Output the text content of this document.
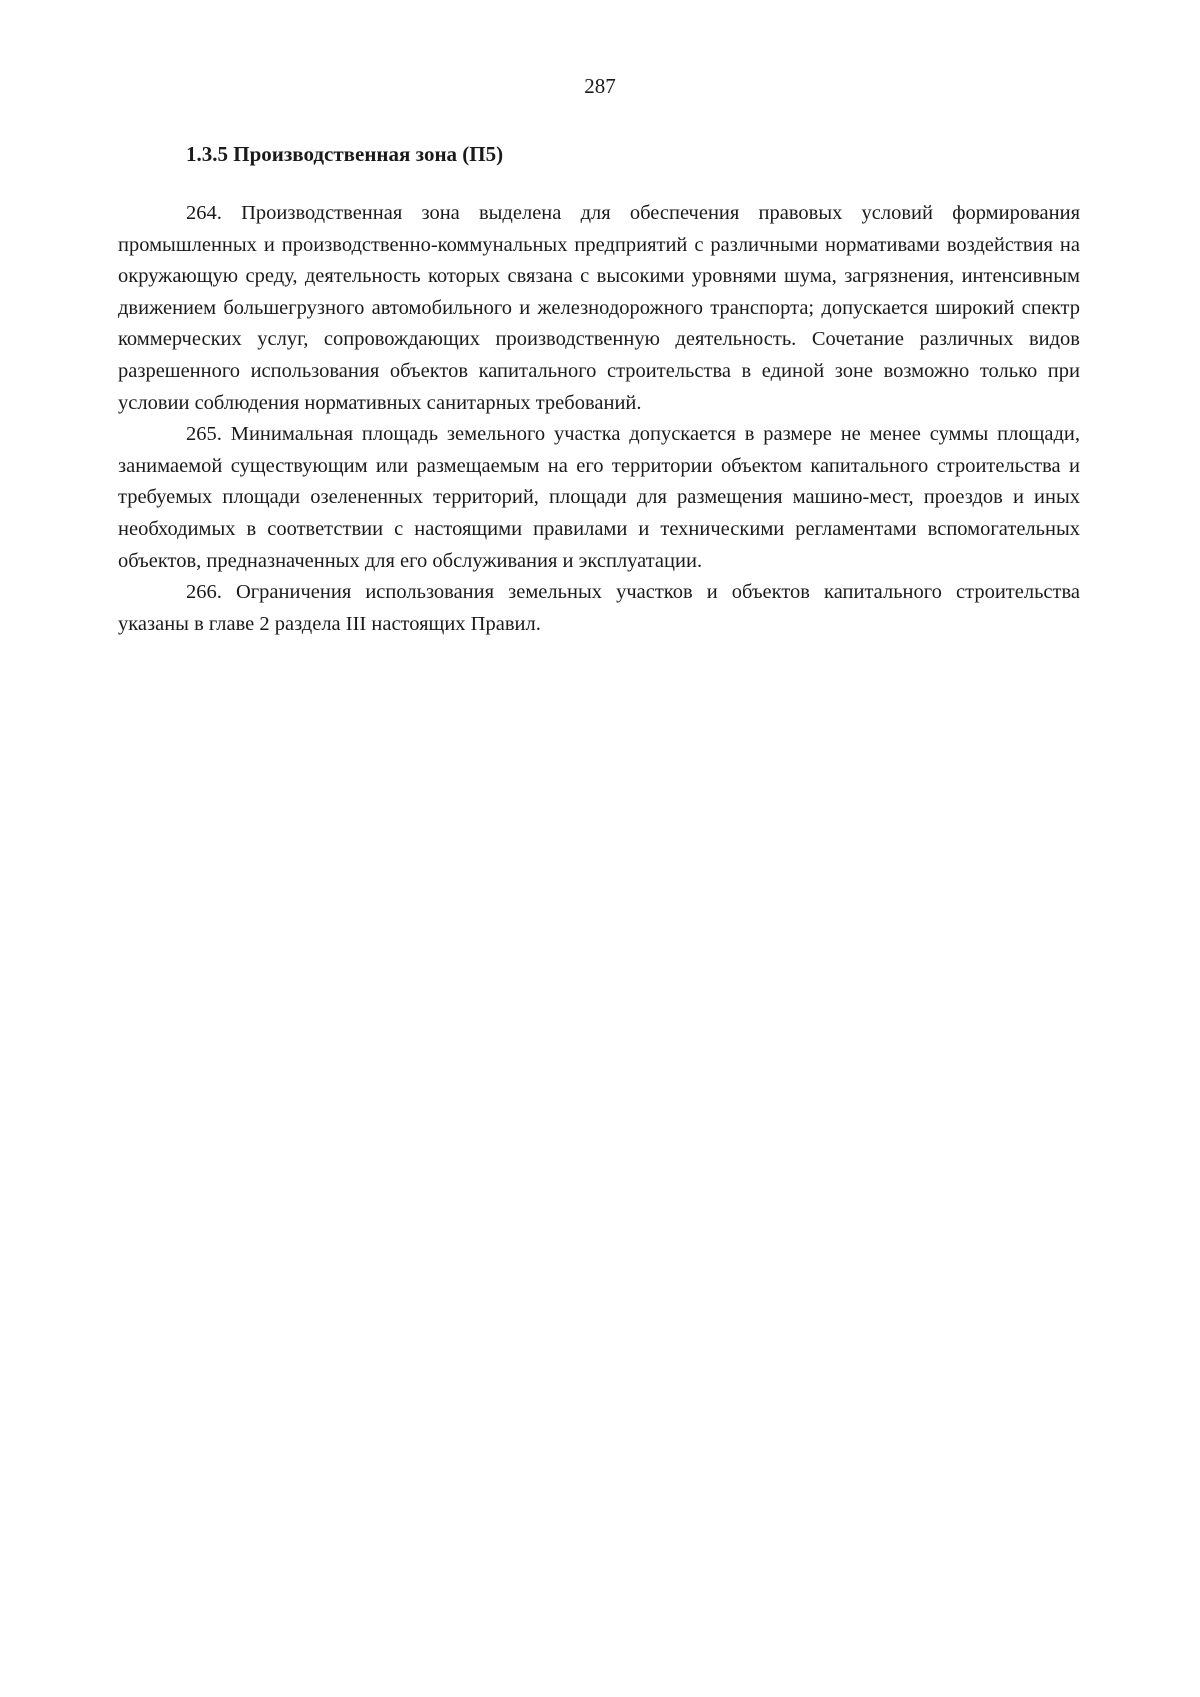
287
1.3.5 Производственная зона (П5)

264. Производственная зона выделена для обеспечения правовых условий формирования промышленных и производственно-коммунальных предприятий с различными нормативами воздействия на окружающую среду, деятельность которых связана с высокими уровнями шума, загрязнения, интенсивным движением большегрузного автомобильного и железнодорожного транспорта; допускается широкий спектр коммерческих услуг, сопровождающих производственную деятельность. Сочетание различных видов разрешенного использования объектов капитального строительства в единой зоне возможно только при условии соблюдения нормативных санитарных требований.

265. Минимальная площадь земельного участка допускается в размере не менее суммы площади, занимаемой существующим или размещаемым на его территории объектом капитального строительства и требуемых площади озелененных территорий, площади для размещения машино-мест, проездов и иных необходимых в соответствии с настоящими правилами и техническими регламентами вспомогательных объектов, предназначенных для его обслуживания и эксплуатации.

266. Ограничения использования земельных участков и объектов капитального строительства указаны в главе 2 раздела III настоящих Правил.
